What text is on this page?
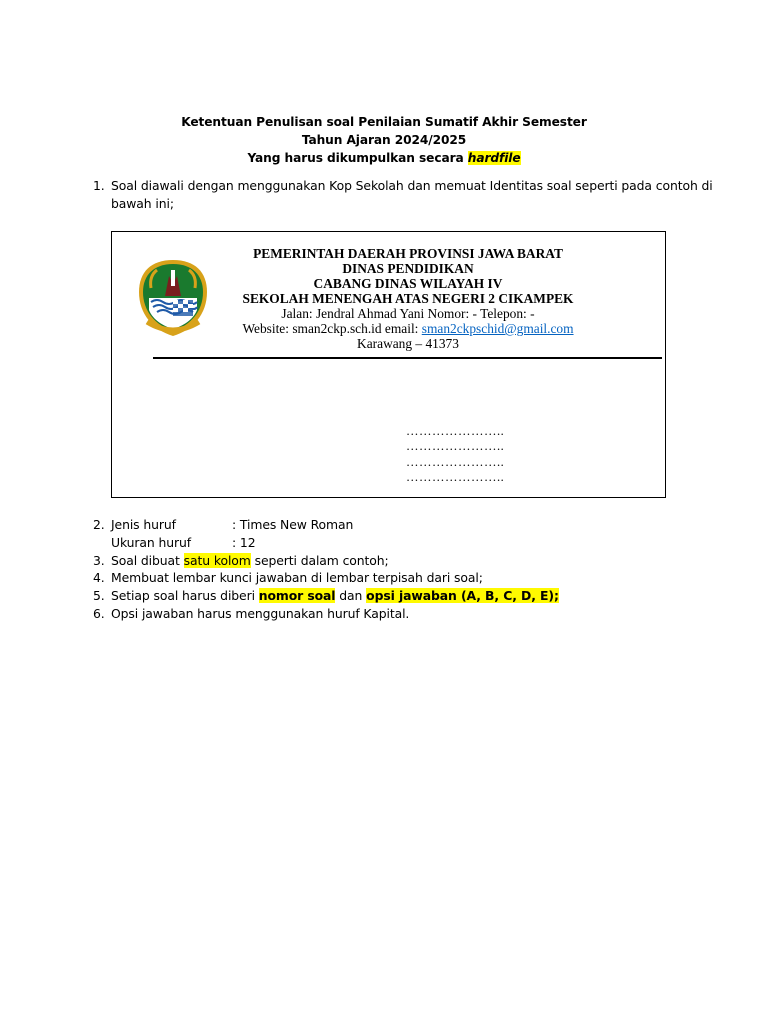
Ketentuan Penulisan soal Penilaian Sumatif Akhir Semester
Tahun Ajaran 2024/2025
Yang harus dikumpulkan secara hardfile
1. Soal diawali dengan menggunakan Kop Sekolah dan memuat Identitas soal seperti pada contoh di
bawah ini;
PEMERINTAH DAERAH PROVINSI JAWA BARAT
DINAS PENDIDIKAN
CABANG DINAS WILAYAH IV
SEKOLAH MENENGAH ATAS NEGERI 2 CIKAMPEK
Jalan: Jendral Ahmad Yani Nomor: - Telepon: -
Website: sman2ckp.sch.id email: sman2ckpschid@gmail.com
Karawang – 41373
…………………..
…………………..
…………………..
…………………..
2. Jenis huruf	: Times New Roman
Ukuran huruf	: 12
3. Soal dibuat satu kolom seperti dalam contoh;
4. Membuat lembar kunci jawaban di lembar terpisah dari soal;
5. Setiap soal harus diberi nomor soal dan opsi jawaban (A, B, C, D, E);
6. Opsi jawaban harus menggunakan huruf Kapital.
